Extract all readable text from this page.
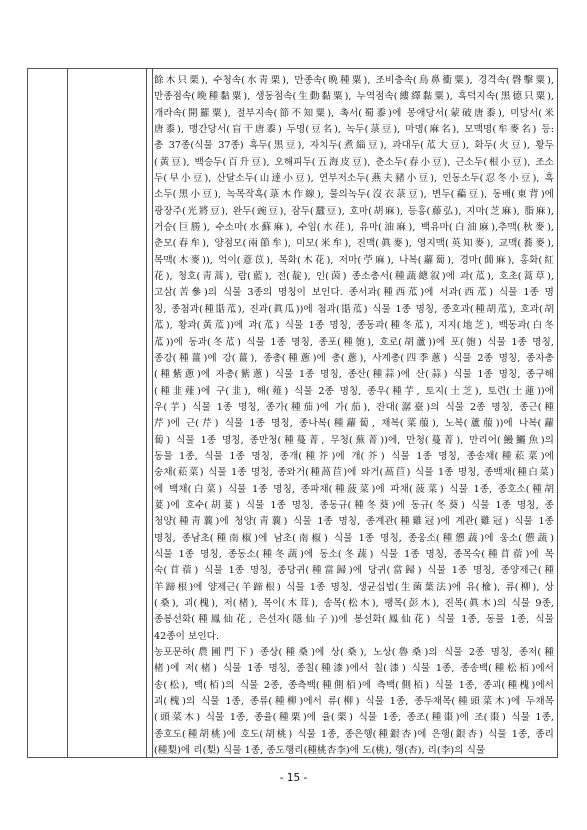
餘木只栗), 수청속(水靑栗), 만종속(晩種粟), 조비충속(鳥鼻衝粟), 경격속(磬擊粟),
만종점속(晩種黏粟), 생동점속(生動黏粟), 누역점속(縷繹黏粟), 흑덕지속(黑德只粟),
개라속(開羅粟), 절부지속(節不知粟), 촉서(蜀黍)에 몽애당서(蒙破唐黍), 미당서(米
唐黍), 맹간당서(盲干唐黍) 두명(豆名), 녹두(菉豆), 마명(麻名), 모맥명(牟麥名) 등:
총 37종(식물 37종) 흑두(黑豆), 자치두(煮緇豆), 과대두(苽大豆), 화두(火豆), 황두
(黃豆), 백승두(百升豆), 오해피두(五海皮豆), 춘소두(春小豆), 근소두(根小豆), 조소
두(早小豆), 산달소두(山達小豆), 연부저소두(燕夫豬小豆), 인동소두(忍冬小豆), 흑
소두(黑小豆), 녹목작흑(菉木作線), 물의녹두(沒衣菉豆), 변두(藊豆), 동배(東背)에
광장주(光將豆), 완두(豌豆), 잠두(蠶豆), 호마(胡麻), 등홍(藤弘), 지마(芝麻), 脂麻),
거승(巨勝), 수소마(水蘇麻), 수임(水荏), 유마(油麻), 백유마(白油麻),추맥(秋麥),
춘모(春牟), 양점모(兩節牟), 미모(米牟), 진맥(眞麥), 영지맥(英知麥), 교맥(蕎麥),
목맥(木麥)), 억이(薏苡), 목화(木花), 저마(苧麻), 나복(蘿蔔), 경마(䕡麻), 홍화(紅
花), 청호(靑蒿), 람(藍), 전(靛), 인(茵) 종소총서(種蔬總叙)에 과(苽), 호초(蒿草),
고삼(苦參)의 식물 3종의 명칭이 보인다. 종서과(種西苽)에 서과(西苽) 식물 1종 명
칭, 종첨과(種甛苽), 진과(眞瓜))에 첨과(甛苽) 식물 1종 명칭, 종호과(種胡苽), 호과(胡
苽), 황과(黃苽))에 과(苽) 식물 1종 명칭, 종동과(種冬苽), 지지(地芝), 백동과(白冬
苽))에 동과(冬苽) 식물 1종 명칭, 종포(種匏), 호로(胡蘆))에 포(匏) 식물 1종 명칭,
종강(種薑)에 강(薑), 종총(種蔥)에 총(蔥), 사계총(四季蔥) 식물 2종 명칭, 종자총
(種紫蔥)에 자총(紫蔥) 식물 1종 명칭, 종산(種蒜)에 산(蒜) 식물 1종 명칭, 종구해
(種韭薤)에 구(韭), 해(薤) 식물 2종 명칭, 종우(種芋, 토지(土芝), 토련(土蓮))에
우(芋) 식물 1종 명칭, 종가(種茄)에 가(茄), 잔대(潺臺)의 식물 2종 명칭, 종근(種
芹)에 근(芹) 식물 1종 명칭, 종나복(種蘿蔔, 채복(菜菔), 노복(蘆菔))에 나복(蘿
蔔) 식물 1종 명칭, 종만청(種蔓菁, 무청(蕪菁))에, 만청(蔓菁), 만리어(鰻鱺魚)의
동물 1종, 식물 1종 명칭, 종개(種芥)에 개(芥) 식물 1종 명칭, 종송채(種菘菜)에
숭채(菘菜) 식물 1종 명칭, 종와거(種萵苣)에 와거(萵苣) 식물 1종 명칭, 종백채(種白菜)
에 백채(白菜) 식물 1종 명칭, 종파채(種菠菜)에 파채(菠菜) 식물 1종, 종호소(種胡
荽)에 호수(胡荽) 식물 1종 명칭, 종동규(種冬葵)에 동규(冬葵) 식물 1종 명칭, 종
청양(種靑蘘)에 청양(靑蘘) 식물 1종 명칭, 종계관(種雞冠)에 계관(雞冠) 식물 1종
명칭, 종남초(種南椒)에 남초(南椒) 식물 1종 명칭, 종웅소(種憊蔬)에 웅소(憊蔬)
식물 1종 명칭, 종동소(種冬蔬)에 동소(冬蔬) 식물 1종 명칭, 종목숙(種苜蓿)에 목
숙(苜蓿) 식물 1종 명칭, 종당귀(種當歸)에 당귀(當歸) 식물 1종 명칭, 종양제근(種
羊蹄根)에 양제근(羊蹄根) 식물 1종 명칭, 생균십법(生菌葉法)에 유(楡), 류(柳), 상
(桑), 괴(槐), 저(楮), 목이(木茸), 송목(松木), 팽목(彭木), 진목(眞木)의 식물 9종,
종봉선화(種鳳仙花, 은선자(隱仙子))에 봉선화(鳳仙花) 식물 1종, 동물 1종, 식물
42종이 보인다.
농포문하(農圃門下) 종상(種桑)에 상(桑), 노상(魯桑)의 식물 2종 명칭, 종저(種
楮)에 저(楮) 식물 1종 명칭, 종칠(種漆)에서 칠(漆) 식물 1종, 종송백(種松栢)에서
송(松), 백(栢)의 식물 2종, 종측백(種側栢)에 측백(側栢) 식물 1종, 종괴(種槐)에서
괴(槐)의 식물 1종, 종류(種柳)에서 류(柳) 식물 1종, 종두채목(種頭菜木)에 두채목
(頭菜木) 식물 1종, 종율(種栗)에 율(栗) 식물 1종, 종조(種棗)에 조(棗) 식물 1종,
종호도(種胡桃)에 호도(胡桃) 식물 1종, 종은행(種銀杏)에 은행(銀杏) 식물 1종, 종리
(種梨)에 리(梨) 식물 1종, 종도행리(種桃杏李)에 도(桃), 행(杏), 리(李)의 식물
- 15 -
